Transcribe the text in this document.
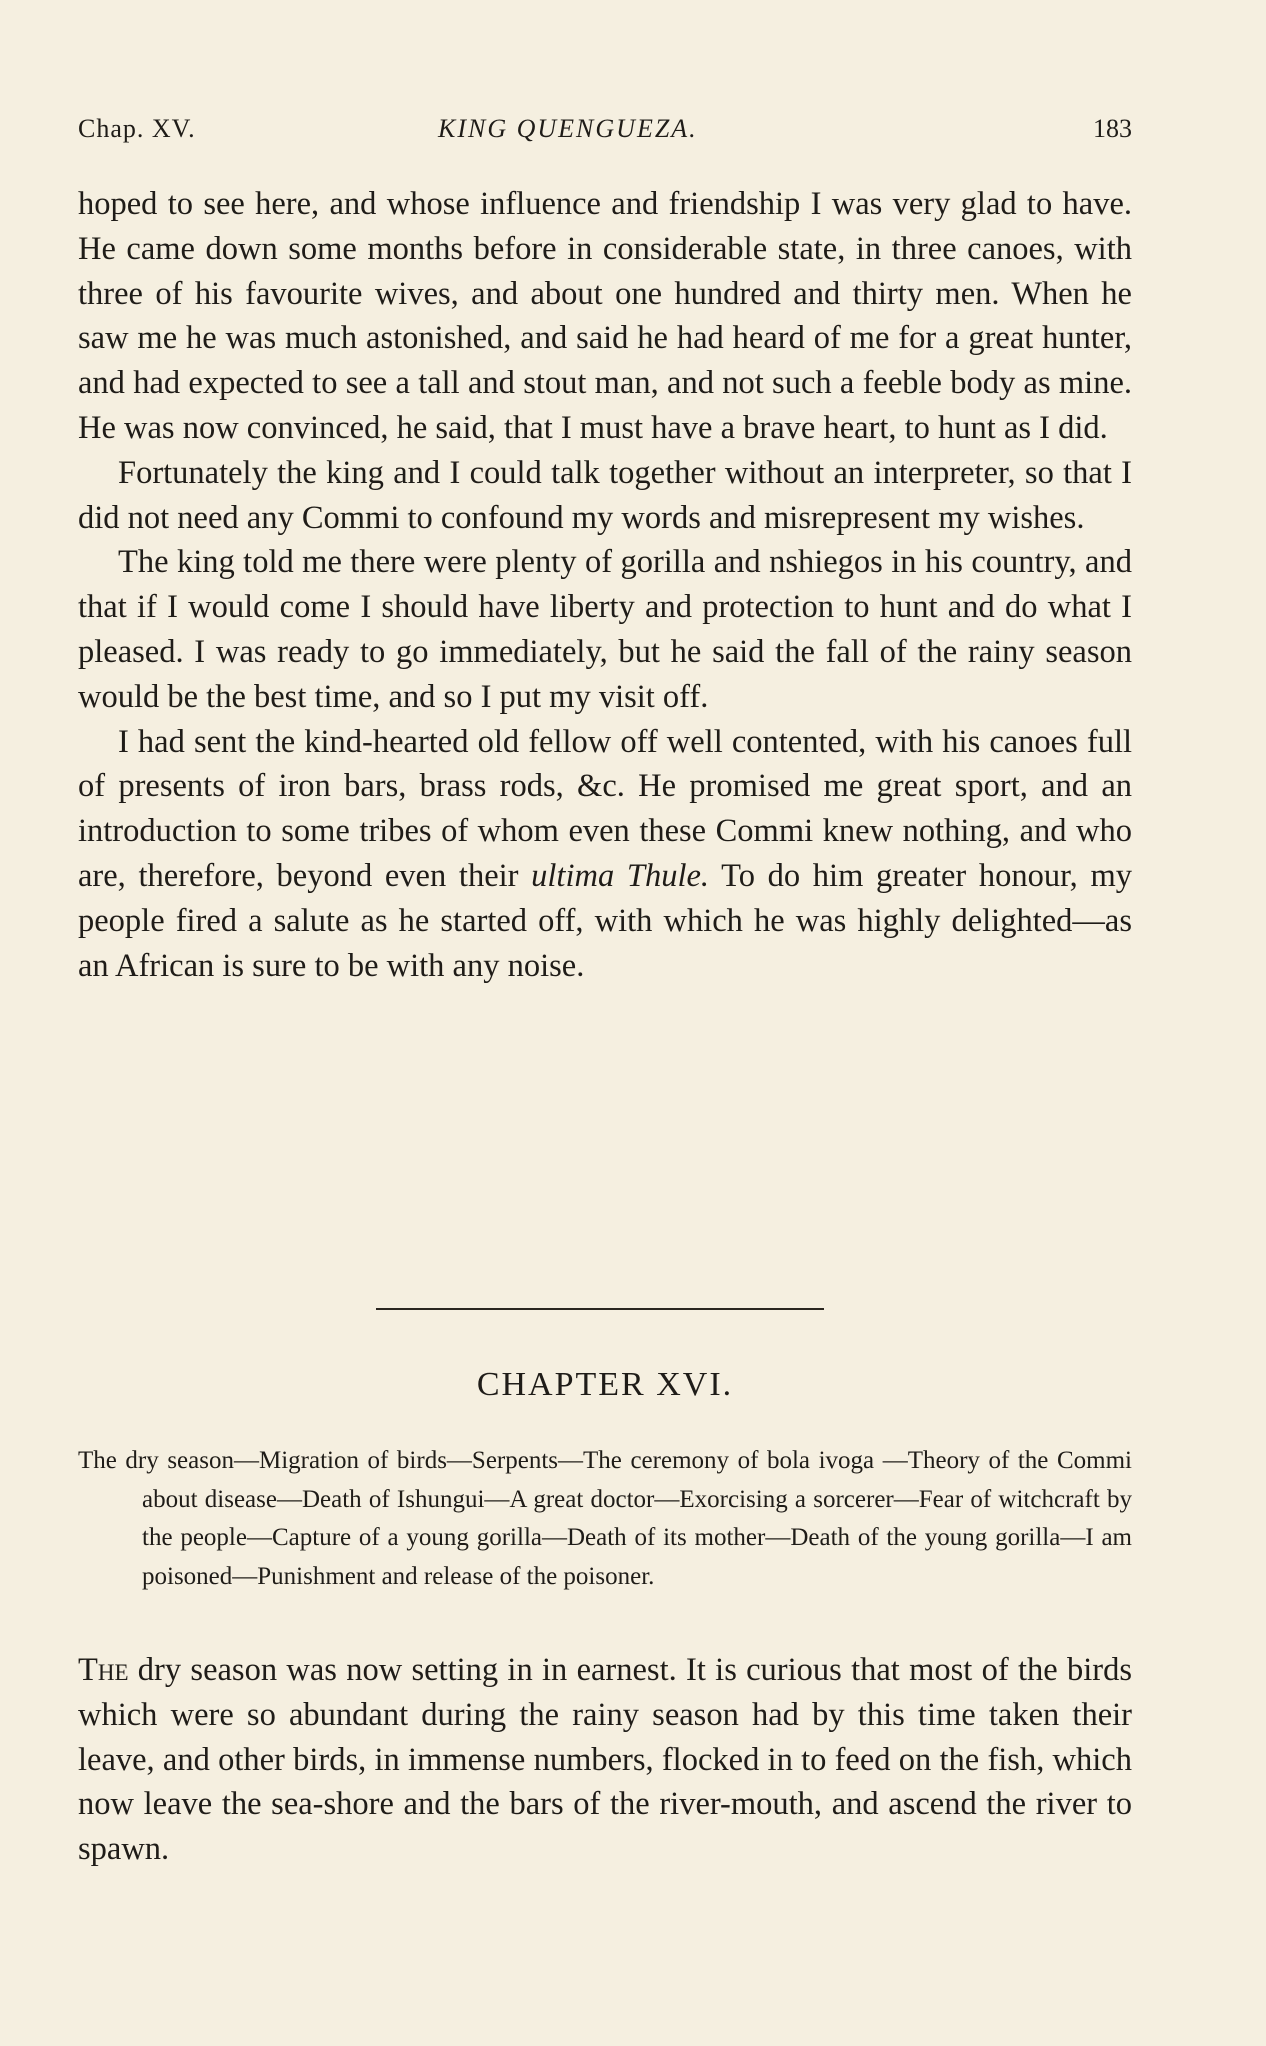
Chap. XV.	KING QUENGUEZA.	183

hoped to see here, and whose influence and friendship I was very glad to have. He came down some months before in considerable state, in three canoes, with three of his favourite wives, and about one hundred and thirty men. When he saw me he was much astonished, and said he had heard of me for a great hunter, and had expected to see a tall and stout man, and not such a feeble body as mine. He was now convinced, he said, that I must have a brave heart, to hunt as I did.

Fortunately the king and I could talk together without an interpreter, so that I did not need any Commi to confound my words and misrepresent my wishes.

The king told me there were plenty of gorilla and nshiegos in his country, and that if I would come I should have liberty and protection to hunt and do what I pleased. I was ready to go immediately, but he said the fall of the rainy season would be the best time, and so I put my visit off.

I had sent the kind-hearted old fellow off well contented, with his canoes full of presents of iron bars, brass rods, &c. He promised me great sport, and an introduction to some tribes of whom even these Commi knew nothing, and who are, therefore, beyond even their ultima Thule. To do him greater honour, my people fired a salute as he started off, with which he was highly delighted—as an African is sure to be with any noise.

CHAPTER XVI.
The dry season—Migration of birds—Serpents—The ceremony of bola ivoga —Theory of the Commi about disease—Death of Ishungui—A great doctor—Exorcising a sorcerer—Fear of witchcraft by the people—Capture of a young gorilla—Death of its mother—Death of the young gorilla—I am poisoned—Punishment and release of the poisoner.

The dry season was now setting in in earnest. It is curious that most of the birds which were so abundant during the rainy season had by this time taken their leave, and other birds, in immense numbers, flocked in to feed on the fish, which now leave the sea-shore and the bars of the river-mouth, and ascend the river to spawn.
